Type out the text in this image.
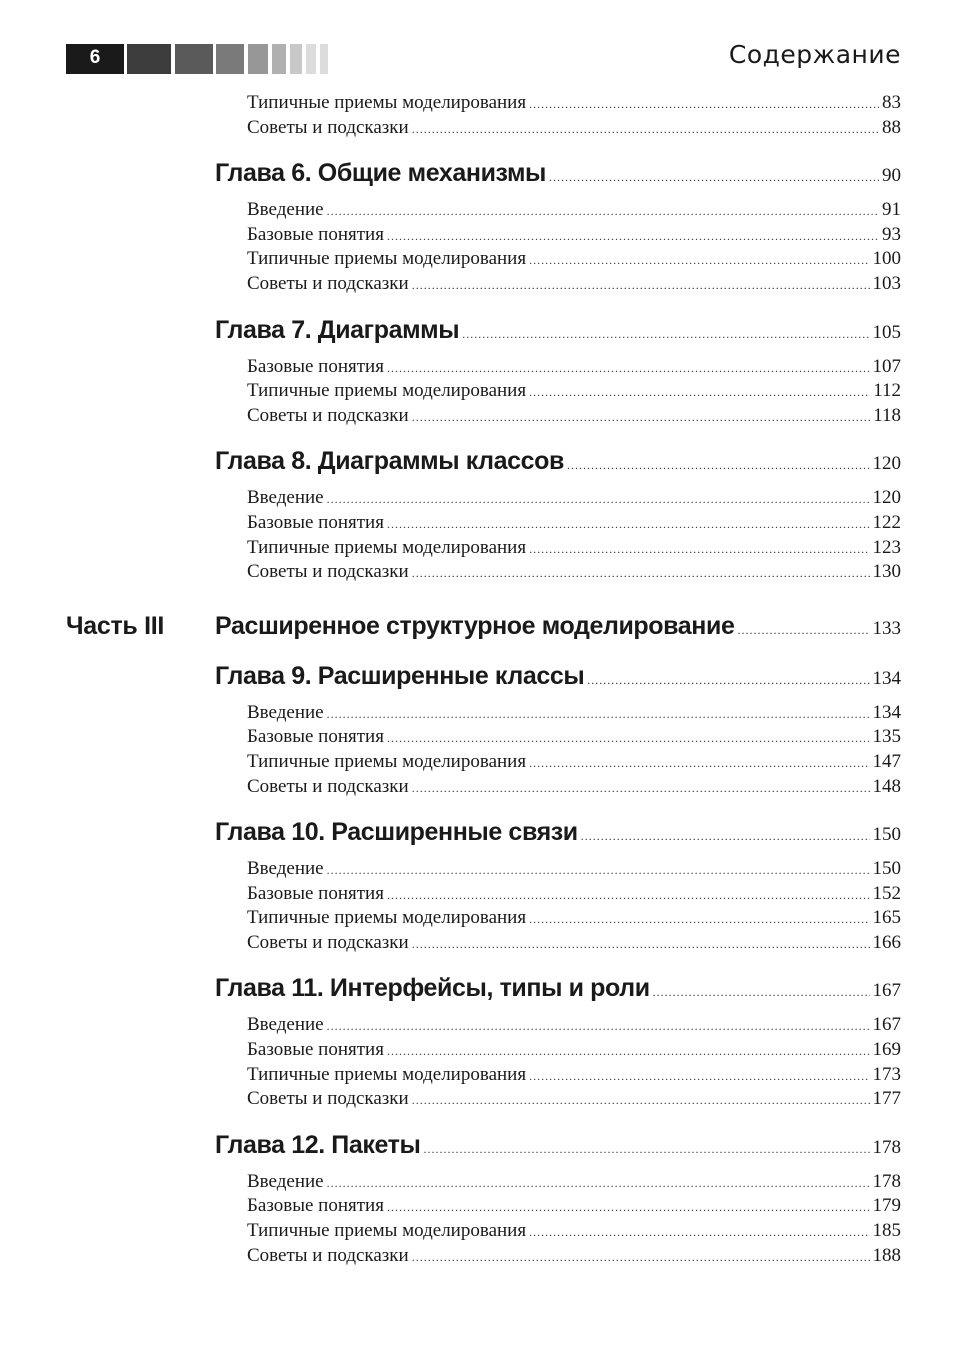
6	Содержание
Типичные приемы моделирования .....	83
Советы и подсказки .....	88
Глава 6. Общие механизмы .....	90
Введение .....	91
Базовые понятия .....	93
Типичные приемы моделирования .....	100
Советы и подсказки .....	103
Глава 7. Диаграммы .....	105
Базовые понятия .....	107
Типичные приемы моделирования .....	112
Советы и подсказки .....	118
Глава 8. Диаграммы классов .....	120
Введение .....	120
Базовые понятия .....	122
Типичные приемы моделирования .....	123
Советы и подсказки .....	130
Часть III Расширенное структурное моделирование .....	133
Глава 9. Расширенные классы .....	134
Введение .....	134
Базовые понятия .....	135
Типичные приемы моделирования .....	147
Советы и подсказки .....	148
Глава 10. Расширенные связи .....	150
Введение .....	150
Базовые понятия .....	152
Типичные приемы моделирования .....	165
Советы и подсказки .....	166
Глава 11. Интерфейсы, типы и роли .....	167
Введение .....	167
Базовые понятия .....	169
Типичные приемы моделирования .....	173
Советы и подсказки .....	177
Глава 12. Пакеты .....	178
Введение .....	178
Базовые понятия .....	179
Типичные приемы моделирования .....	185
Советы и подсказки .....	188
